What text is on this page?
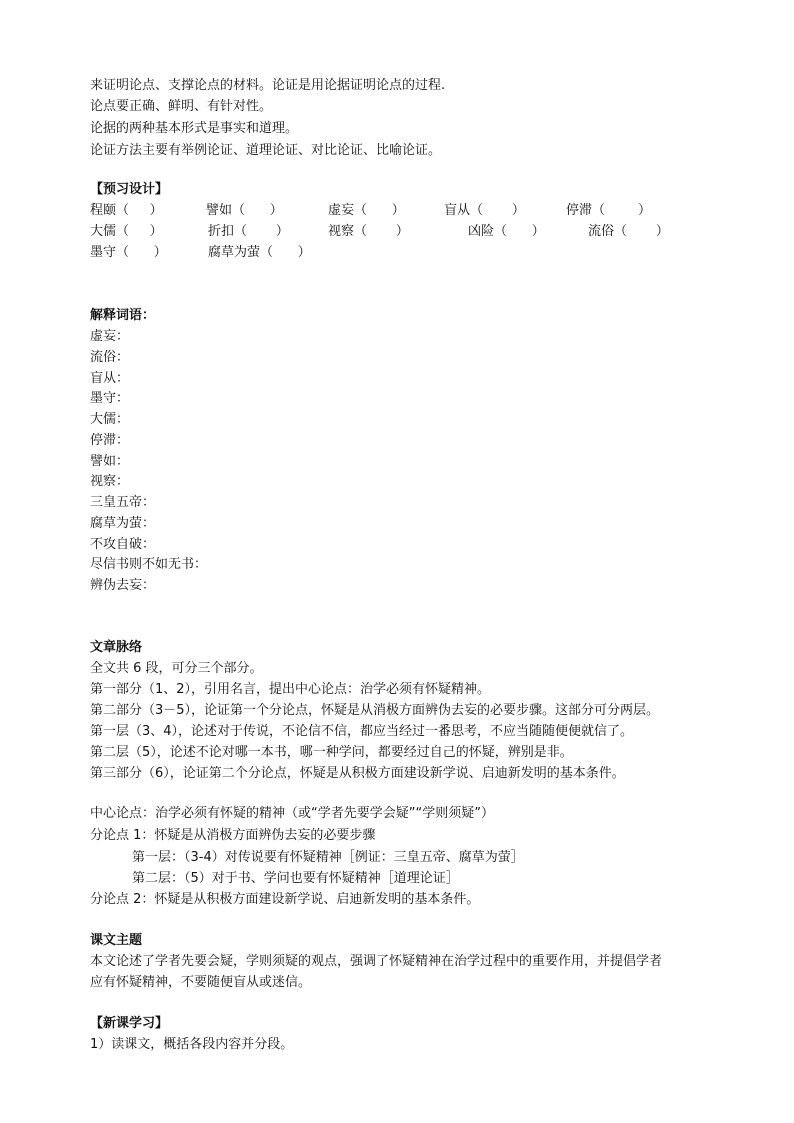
来证明论点、支撑论点的材料。论证是用论据证明论点的过程.
论点要正确、鲜明、有针对性。
论据的两种基本形式是事实和道理。
论证方法主要有举例论证、道理论证、对比论证、比喻论证。
【预习设计】
程颐（     ）	譬如（      ）	虚妄（      ）	盲从（       ）	停滞（        ）
大儒（     ）	折扣（       ）	视察（       ）	凶险（      ）	流俗（       ）
墨守（      ）	腐草为萤（      ）
解释词语：
虚妄：
流俗：
盲从：
墨守：
大儒：
停滞：
譬如：
视察：
三皇五帝：
腐草为萤：
不攻自破：
尽信书则不如无书：
辨伪去妄：
文章脉络
全文共 6 段，可分三个部分。
第一部分（1、2），引用名言，提出中心论点：治学必须有怀疑精神。
第二部分（3－5），论证第一个分论点，怀疑是从消极方面辨伪去妄的必要步骤。这部分可分两层。
第一层（3、4），论述对于传说，不论信不信，都应当经过一番思考，不应当随随便便就信了。
第二层（5），论述不论对哪一本书，哪一种学问，都要经过自己的怀疑，辨别是非。
第三部分（6），论证第二个分论点，怀疑是从积极方面建设新学说、启迪新发明的基本条件。
中心论点：治学必须有怀疑的精神（或“学者先要学会疑”“学则须疑”）
分论点 1：怀疑是从消极方面辨伪去妄的必要步骤
第一层：（3-4）对传说要有怀疑精神［例证：三皇五帝、腐草为萤］
第二层：（5）对于书、学问也要有怀疑精神［道理论证］
分论点 2：怀疑是从积极方面建设新学说、启迪新发明的基本条件。
课文主题
本文论述了学者先要会疑，学则须疑的观点，强调了怀疑精神在治学过程中的重要作用，并提倡学者
应有怀疑精神，不要随便盲从或迷信。
【新课学习】
1）读课文，概括各段内容并分段。
